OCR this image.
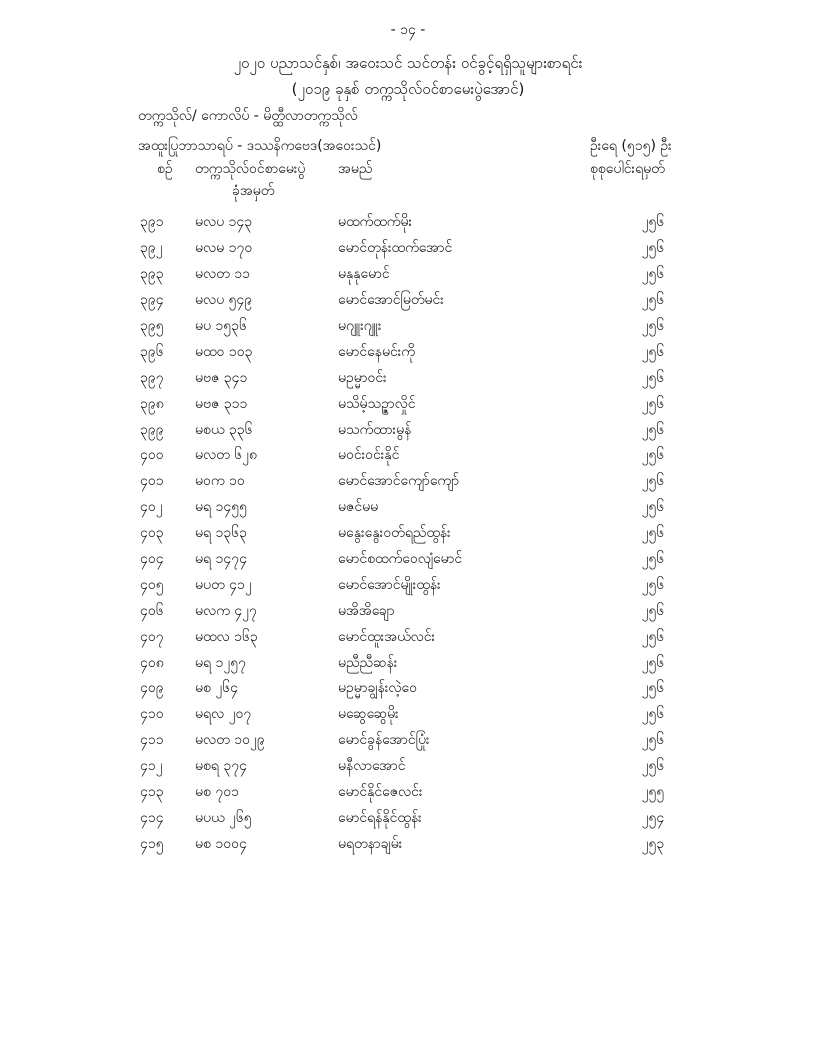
- ၁၄ -
၂၀၂၀ ပညာသင်နှစ်၊ အဝေးသင် သင်တန်း ဝင်ခွင့်ရရှိသူများစာရင်း
(၂၀၁၉ ခုနှစ် တက္ကသိုလ်ဝင်စာမေးပွဲအောင်)
တက္ကသိုလ်/ ကောလိပ် - မိတ္ထီလာတက္ကသိုလ်
အထူးပြုဘာသာရပ် - ဒဿနိကဗေဒ(အဝေးသင်)	ဦးရေ (၅၁၅) ဦး
စဉ် တက္ကသိုလ်ဝင်စာမေးပွဲ
ခုံအမှတ်
အမည်	စုစုပေါင်းရမှတ်
၃၉၁	မလပ ၁၄၃	မထက်ထက်မိုး	၂၅၆
၃၉၂	မလမ ၁၇၀	မောင်တုန်းထက်အောင်	၂၅၆
၃၉၃	မလတ ၁၁	မနုနုမောင်	၂၅၆
၃၉၄	မလပ ၅၄၉	မောင်အောင်မြတ်မင်း	၂၅၆
၃၉၅	မပ ၁၅၃၆	မဂျူးဂျူး	၂၅၆
၃၉၆	မထဝ ၁၀၃	မောင်နေမင်းကို	၂၅၆
၃၉၇	မဗဇ ၃၄၁	မဥမ္မာဝင်း	၂၅၆
၃၉၈	မဗဇ ၃၁၁	မသိမ့်သဥ္ဇာလှိုင်	၂၅၆
၃၉၉	မစယ ၃၃၆	မသက်ထားမွန်	၂၅၆
၄၀၀	မလတ ၆၂၈	မဝင်းဝင်းနိုင်	၂၅၆
၄၀၁	မဝက ၁၀	မောင်အောင်ကျော်ကျော်	၂၅၆
၄၀၂	မရ ၁၄၅၅	မဇင်မမ	၂၅၆
၄၀၃	မရ ၁၃၆၃	မနွေးနွေးဝတ်ရည်ထွန်း	၂၅၆
၄၀၄	မရ ၁၄၇၄	မောင်စထက်ဝေလျံမောင်	၂၅၆
၄၀၅	မပတ ၄၁၂	မောင်အောင်မျိုးထွန်း	၂၅၆
၄၀၆	မလက ၄၂၇	မအိအိချော	၂၅၆
၄၀၇	မထလ ၁၆၃	မောင်ထူးအယ်လင်း	၂၅၆
၄၀၈	မရ ၁၂၅၇	မညီညီဆန်း	၂၅၆
၄၀၉	မစ ၂၆၄	မဥမ္မာချွန်းလဲ့ဝေ	၂၅၆
၄၁၀	မရလ ၂၀၇	မဆွေဆွေမိုး	၂၅၆
၄၁၁	မလတ ၁၀၂၉	မောင်ခွန်အောင်ပြုံး	၂၅၆
၄၁၂	မစရ ၃၇၄	မနီလာအောင်	၂၅၆
၄၁၃	မစ ၇၀၁	မောင်နိုင်ဇေလင်း	၂၅၅
၄၁၄	မပယ ၂၆၅	မောင်ရန်နိုင်ထွန်း	၂၅၄
၄၁၅	မစ ၁၀၀၄	မရတနာချမ်း	၂၅၃
